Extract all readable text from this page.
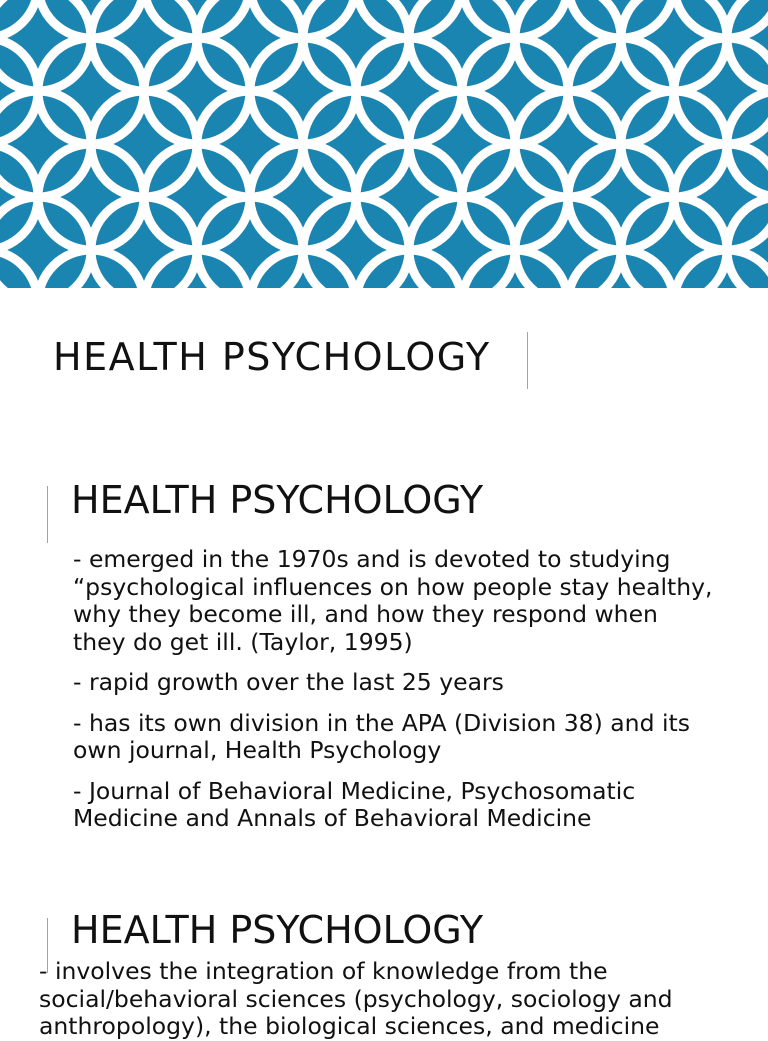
HEALTH PSYCHOLOGY
HEALTH PSYCHOLOGY
- emerged in the 1970s and is devoted to studying “psychological influences on how people stay healthy, why they become ill, and how they respond when they do get ill. (Taylor, 1995)
- rapid growth over the last 25 years
- has its own division in the APA (Division 38) and its own journal, Health Psychology
- Journal of Behavioral Medicine, Psychosomatic Medicine and Annals of Behavioral Medicine
HEALTH PSYCHOLOGY

- involves the integration of knowledge from the social/behavioral sciences (psychology, sociology and anthropology), the biological sciences, and medicine
